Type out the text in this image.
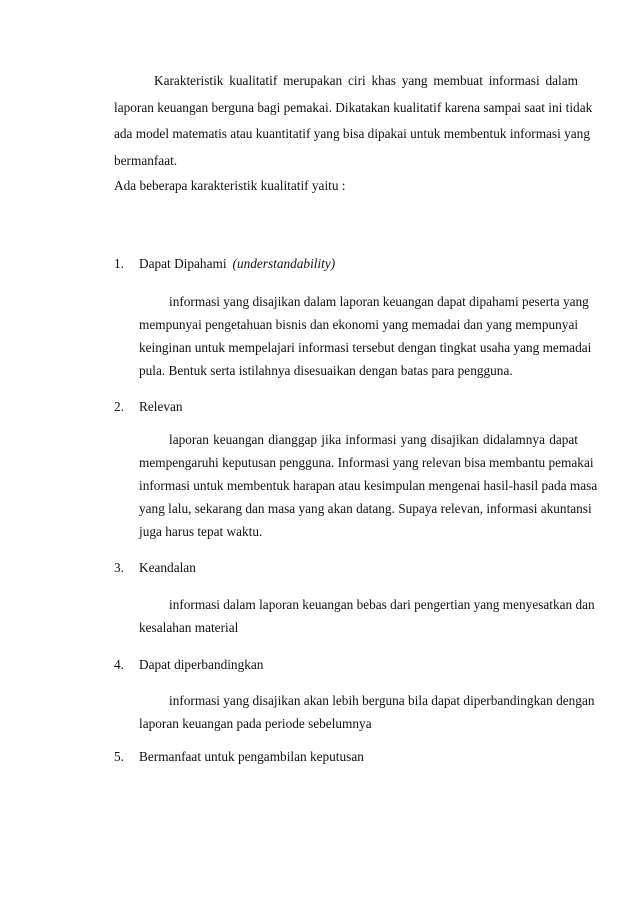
Karakteristik kualitatif merupakan ciri khas yang membuat informasi dalam
laporan keuangan berguna bagi pemakai. Dikatakan kualitatif karena sampai saat ini tidak
ada model matematis atau kuantitatif yang bisa dipakai untuk membentuk informasi yang
bermanfaat.

Ada beberapa karakteristik kualitatif yaitu :

1. Dapat Dipahami (understandability)

informasi yang disajikan dalam laporan keuangan dapat dipahami peserta yang
mempunyai pengetahuan bisnis dan ekonomi yang memadai dan yang mempunyai
keinginan untuk mempelajari informasi tersebut dengan tingkat usaha yang memadai
pula. Bentuk serta istilahnya disesuaikan dengan batas para pengguna.

2. Relevan

laporan keuangan dianggap jika informasi yang disajikan didalamnya dapat
mempengaruhi keputusan pengguna. Informasi yang relevan bisa membantu pemakai
informasi untuk membentuk harapan atau kesimpulan mengenai hasil-hasil pada masa
yang lalu, sekarang dan masa yang akan datang. Supaya relevan, informasi akuntansi
juga harus tepat waktu.

3. Keandalan

informasi dalam laporan keuangan bebas dari pengertian yang menyesatkan dan
kesalahan material

4. Dapat diperbandingkan

informasi yang disajikan akan lebih berguna bila dapat diperbandingkan dengan
laporan keuangan pada periode sebelumnya

5. Bermanfaat untuk pengambilan keputusan
